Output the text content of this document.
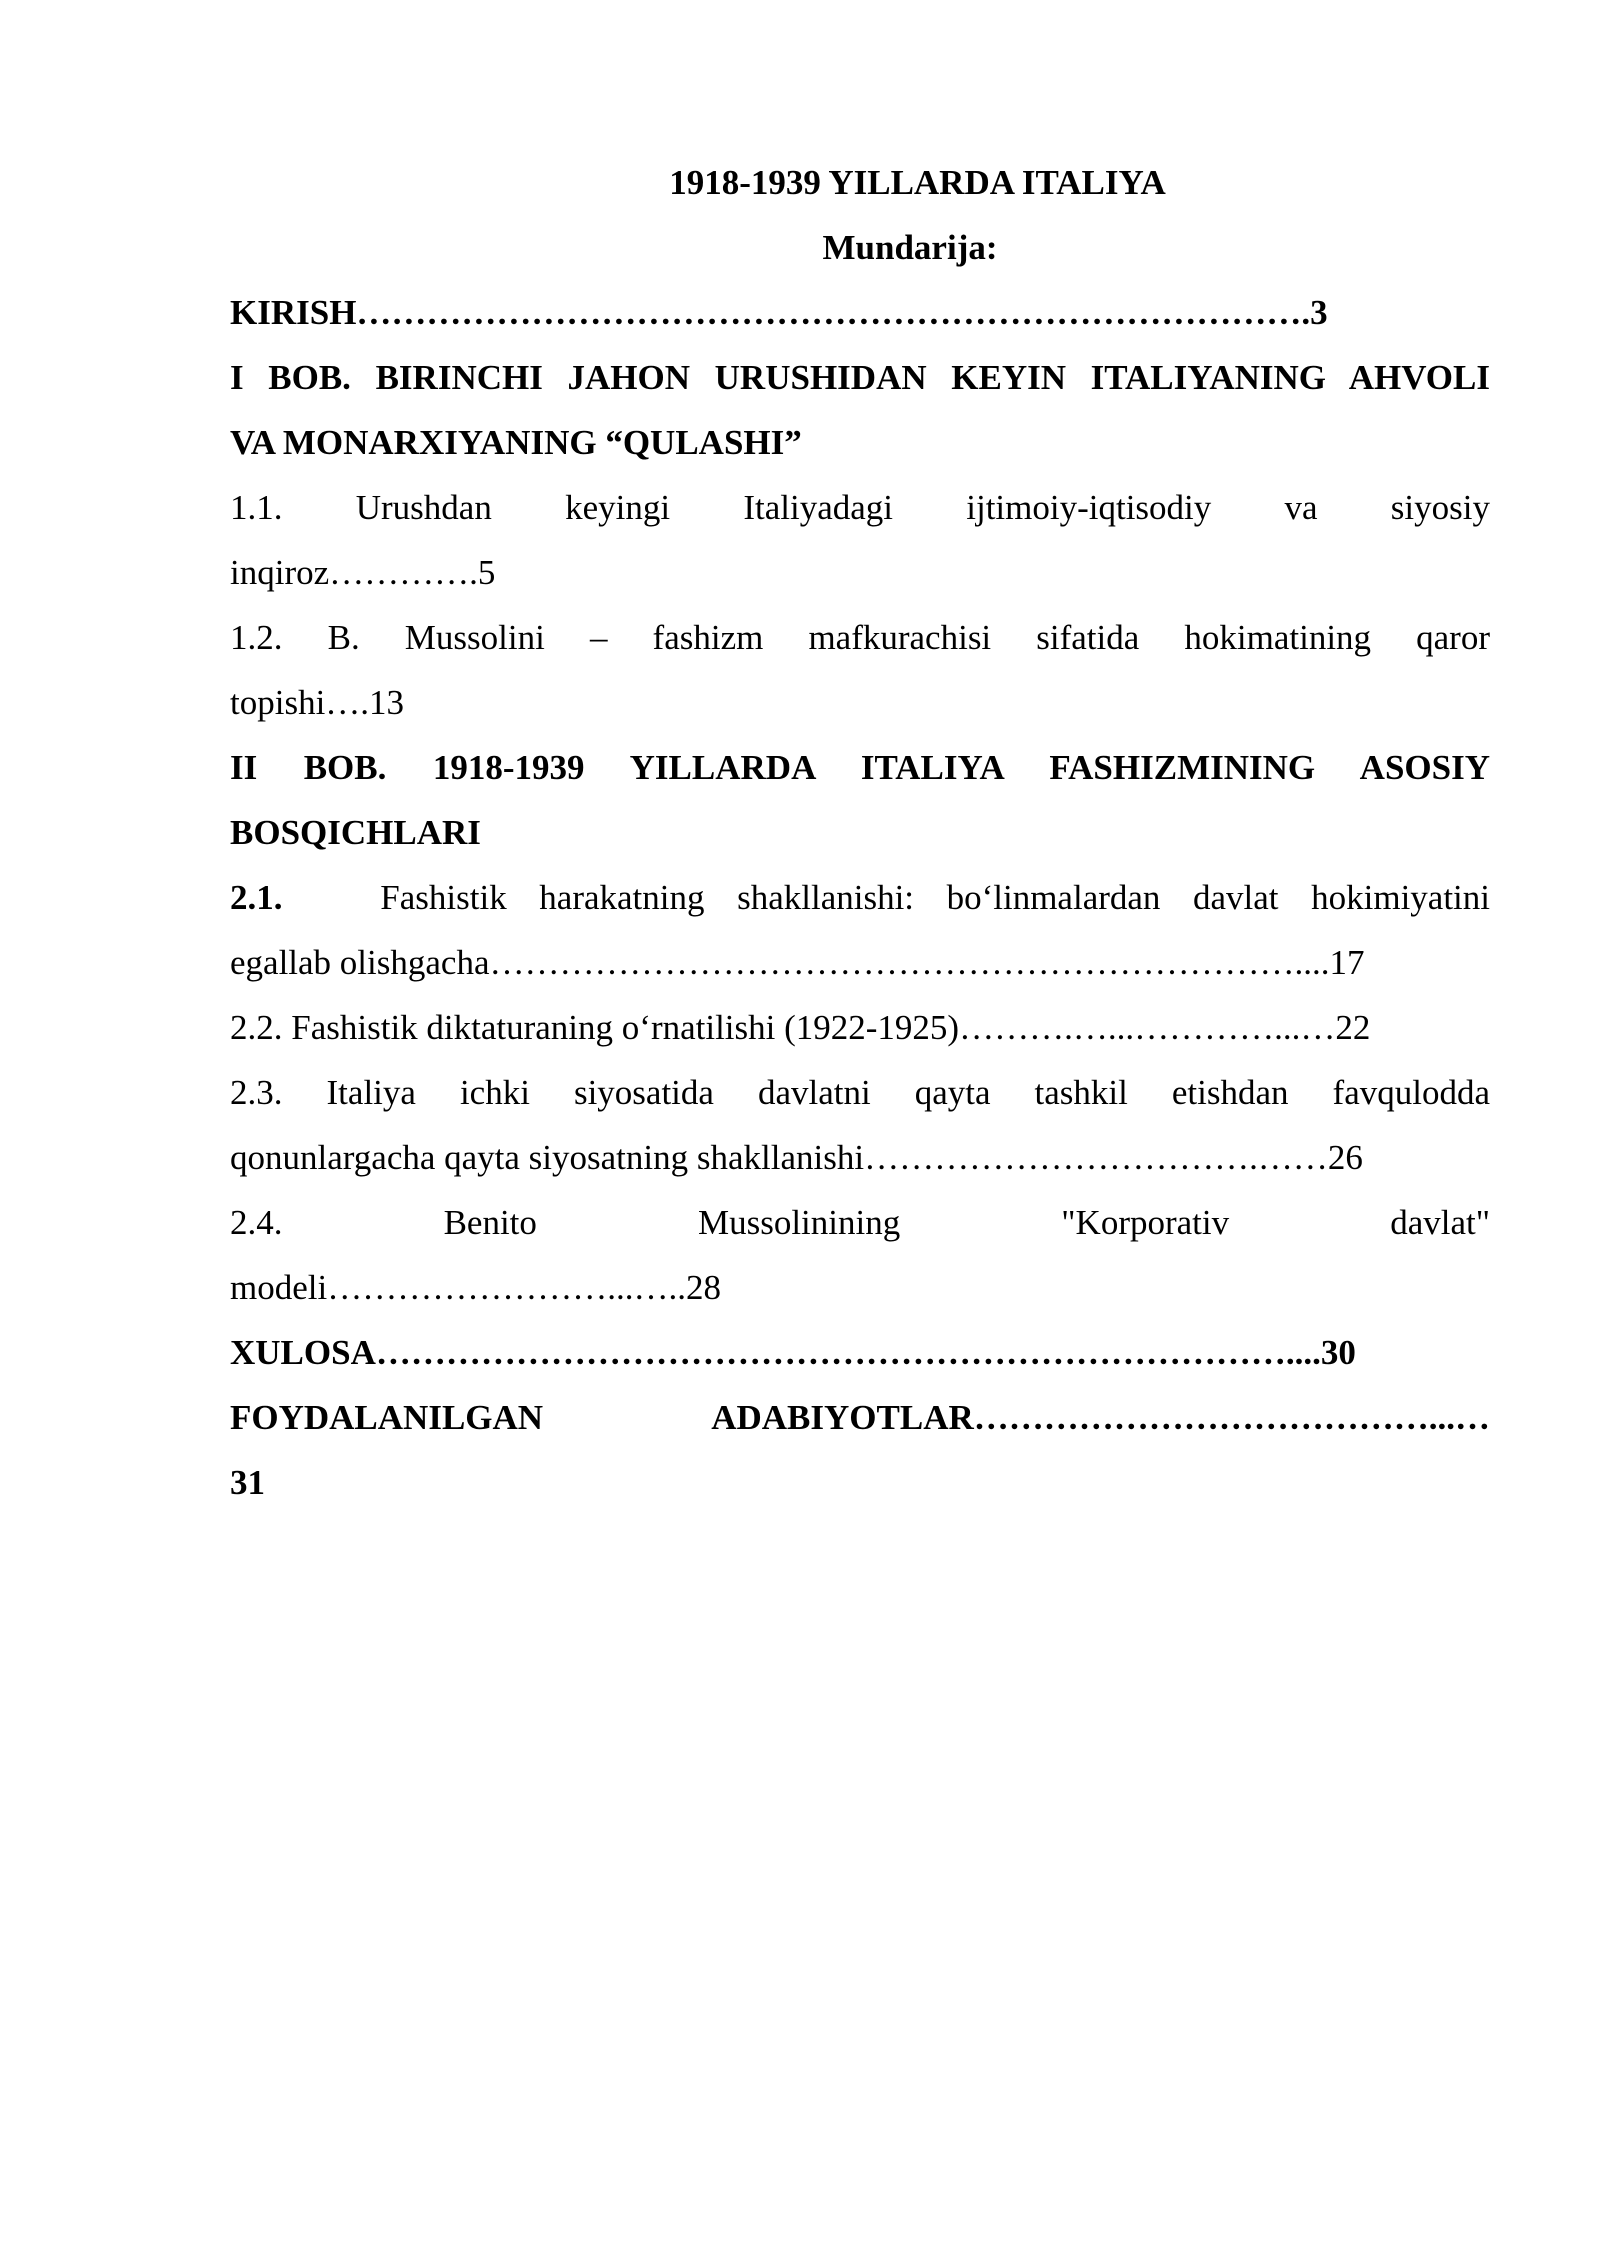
1918-1939 YILLARDA ITALIYA
Mundarija:
KIRISH……………………………………………………………………….3
I BOB. BIRINCHI JAHON URUSHIDAN KEYIN ITALIYANING AHVOLI
VA MONARXIYANING “QULASHI”
1.1. Urushdan keyingi Italiyadagi ijtimoiy-iqtisodiy va siyosiy
inqiroz………….5
1.2. B. Mussolini – fashizm mafkurachisi sifatida hokimatining qaror
topishi….13
II BOB. 1918-1939 YILLARDA ITALIYA FASHIZMINING ASOSIY
BOSQICHLARI
2.1.	Fashistik harakatning shakllanishi: bo‘linmalardan davlat hokimiyatini
egallab olishgacha……………………………………………………………....17
2.2. Fashistik diktaturaning o‘rnatilishi (1922-1925)……….…...…………...…22
2.3. Italiya ichki siyosatida davlatni qayta tashkil etishdan favqulodda
qonunlargacha qayta siyosatning shakllanishi…………………………….……26
2.4. Benito Mussolinining "Korporativ davlat"
modeli……………………...…..28
XULOSA……………………………………………………………………....30
FOYDALANILGAN ADABIYOTLAR…………………………………...…
31
